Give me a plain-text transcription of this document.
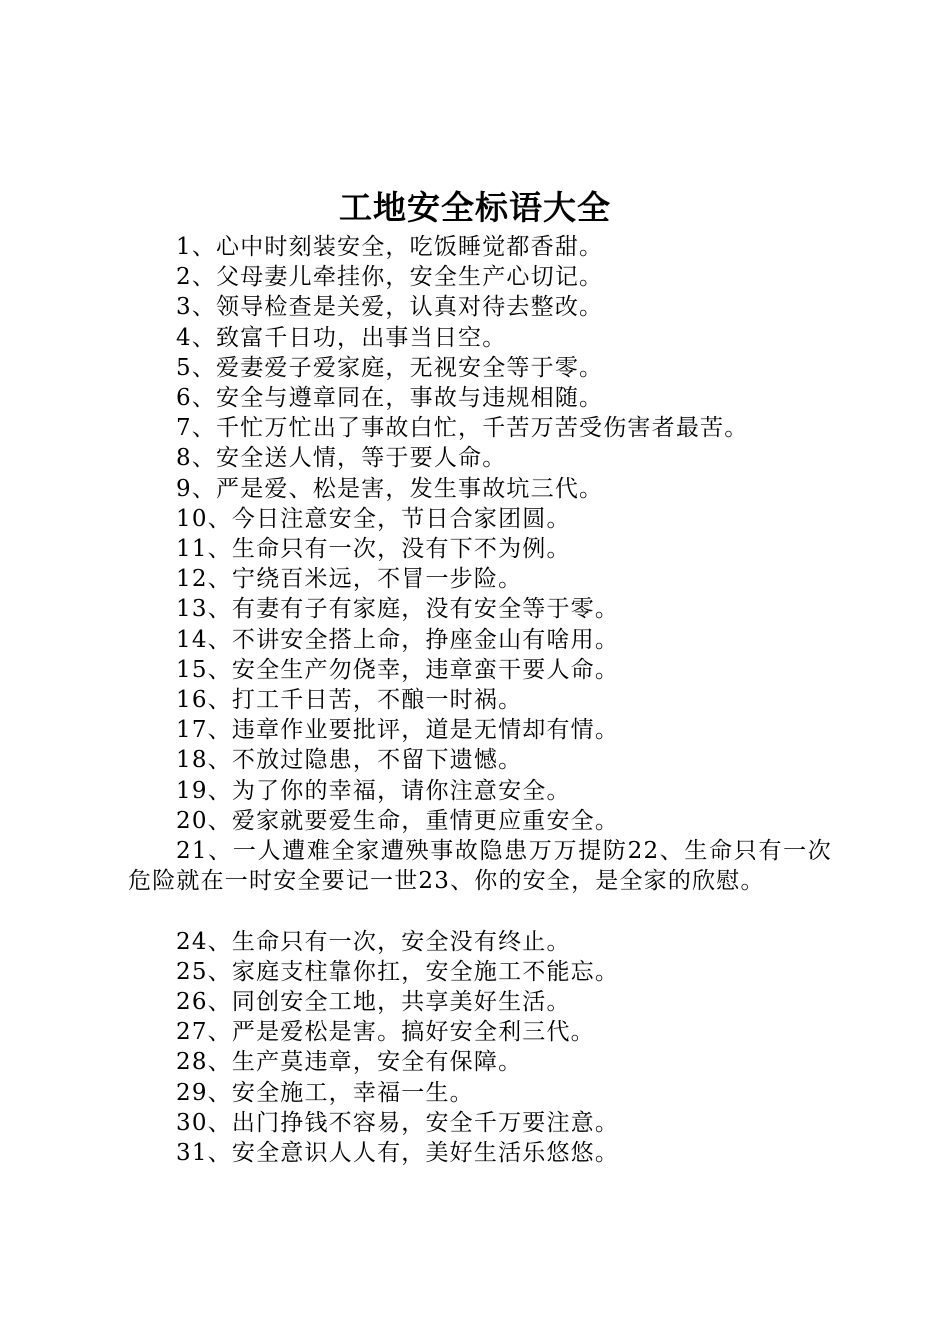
工地安全标语大全
1、心中时刻装安全，吃饭睡觉都香甜。
2、父母妻儿牵挂你，安全生产心切记。
3、领导检查是关爱，认真对待去整改。
4、致富千日功，出事当日空。
5、爱妻爱子爱家庭，无视安全等于零。
6、安全与遵章同在，事故与违规相随。
7、千忙万忙出了事故白忙，千苦万苦受伤害者最苦。
8、安全送人情，等于要人命。
9、严是爱、松是害，发生事故坑三代。
10、今日注意安全，节日合家团圆。
11、生命只有一次，没有下不为例。
12、宁绕百米远，不冒一步险。
13、有妻有子有家庭，没有安全等于零。
14、不讲安全搭上命，挣座金山有啥用。
15、安全生产勿侥幸，违章蛮干要人命。
16、打工千日苦，不酿一时祸。
17、违章作业要批评，道是无情却有情。
18、不放过隐患，不留下遗憾。
19、为了你的幸福，请你注意安全。
20、爱家就要爱生命，重情更应重安全。
21、一人遭难全家遭殃事故隐患万万提防22、生命只有一次危险就在一时安全要记一世23、你的安全，是全家的欣慰。
24、生命只有一次，安全没有终止。
25、家庭支柱靠你扛，安全施工不能忘。
26、同创安全工地，共享美好生活。
27、严是爱松是害。搞好安全利三代。
28、生产莫违章，安全有保障。
29、安全施工，幸福一生。
30、出门挣钱不容易，安全千万要注意。
31、安全意识人人有，美好生活乐悠悠。
